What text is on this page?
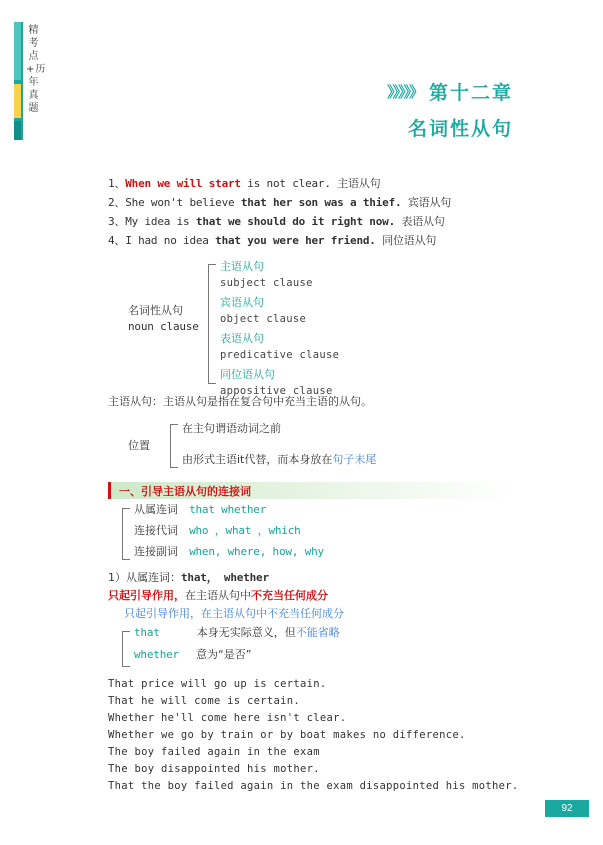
精考点+历年真题
》》》》》 第十二章
名词性从句
1、When we will start is not clear. 主语从句
2、She won't believe that her son was a thief. 宾语从句
3、My idea is that we should do it right now. 表语从句
4、I had no idea that you were her friend. 同位语从句
名词性从句
noun clause
主语从句
subject clause
宾语从句
object clause
表语从句
predicative clause
同位语从句
appositive clause
主语从句：主语从句是指在复合句中充当主语的从句。
位置
在主句谓语动词之前
由形式主语it代替，而本身放在句子未尾
一、引导主语从句的连接词
从属连词 that whether
连接代词 who ，what ，which
连接副词 when, where, how, why
1）从属连词：that， whether
只起引导作用，在主语从句中不充当任何成分
只起引导作用，在主语从句中不充当任何成分
that	本身无实际意义，但不能省略
whether 意为“是否”
That price will go up is certain.
That he will come is certain.
Whether he'll come here isn't clear.
Whether we go by train or by boat makes no difference.
The boy failed again in the exam
The boy disappointed his mother.
That the boy failed again in the exam disappointed his mother.
92
